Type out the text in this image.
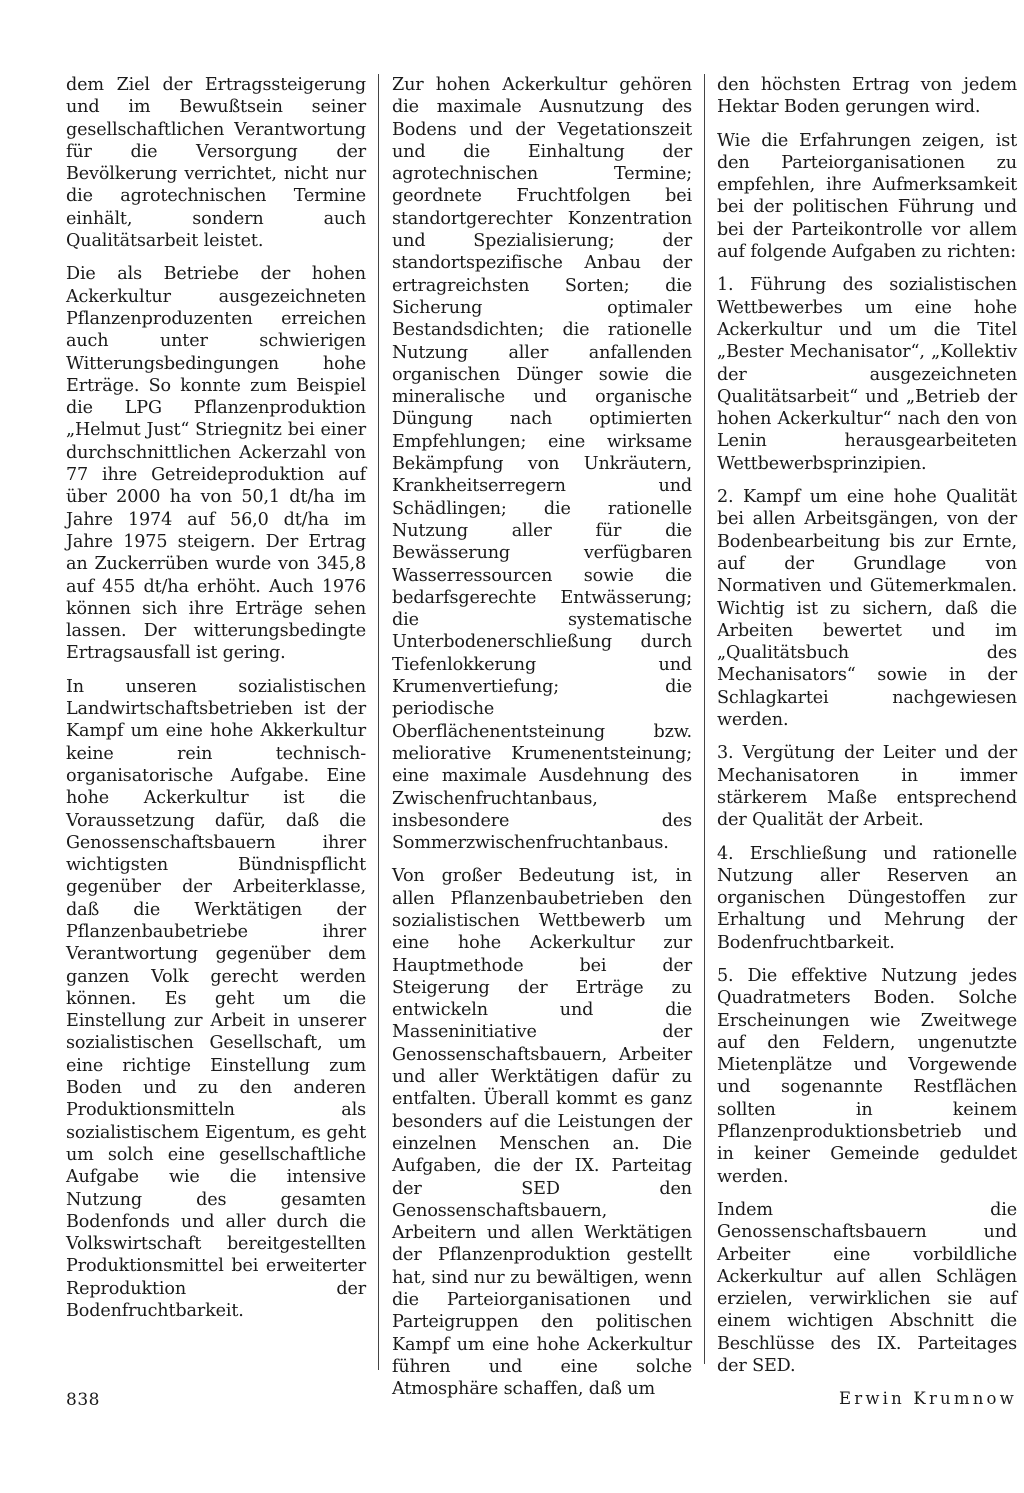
dem Ziel der Ertragssteigerung und im Bewußtsein seiner gesellschaftlichen Verantwortung für die Versorgung der Bevölkerung verrichtet, nicht nur die agrotechnischen Termine einhält, sondern auch Qualitätsarbeit leistet.

Die als Betriebe der hohen Ackerkultur ausgezeichneten Pflanzenproduzenten erreichen auch unter schwierigen Witterungsbedingungen hohe Erträge. So konnte zum Beispiel die LPG Pflanzenproduktion „Helmut Just“ Striegnitz bei einer durchschnittlichen Ackerzahl von 77 ihre Getreideproduktion auf über 2000 ha von 50,1 dt/ha im Jahre 1974 auf 56,0 dt/ha im Jahre 1975 steigern. Der Ertrag an Zuckerrüben wurde von 345,8 auf 455 dt/ha erhöht. Auch 1976 können sich ihre Erträge sehen lassen. Der witterungsbedingte Ertragsausfall ist gering.

In unseren sozialistischen Landwirtschaftsbetrieben ist der Kampf um eine hohe Akkerkultur keine rein technisch-organisatorische Aufgabe. Eine hohe Ackerkultur ist die Voraussetzung dafür, daß die Genossenschaftsbauern ihrer wichtigsten Bündnispflicht gegenüber der Arbeiterklasse, daß die Werktätigen der Pflanzenbaubetriebe ihrer Verantwortung gegenüber dem ganzen Volk gerecht werden können. Es geht um die Einstellung zur Arbeit in unserer sozialistischen Gesellschaft, um eine richtige Einstellung zum Boden und zu den anderen Produktionsmitteln als sozialistischem Eigentum, es geht um solch eine gesellschaftliche Aufgabe wie die intensive Nutzung des gesamten Bodenfonds und aller durch die Volkswirtschaft bereitgestellten Produktionsmittel bei erweiterter Reproduktion der Bodenfruchtbarkeit.

Zur hohen Ackerkultur gehören die maximale Ausnutzung des Bodens und der Vegetationszeit und die Einhaltung der agrotechnischen Termine; geordnete Fruchtfolgen bei standortgerechter Konzentration und Spezialisierung; der standortspezifische Anbau der ertragreichsten Sorten; die Sicherung optimaler Bestandsdichten; die rationelle Nutzung aller anfallenden organischen Dünger sowie die mineralische und organische Düngung nach optimierten Empfehlungen; eine wirksame Bekämpfung von Unkräutern, Krankheitserregern und Schädlingen; die rationelle Nutzung aller für die Bewässerung verfügbaren Wasserressourcen sowie die bedarfsgerechte Entwässerung; die systematische Unterbodenerschließung durch Tiefenlokkerung und Krumenvertiefung; die periodische Oberflächenentsteinung bzw. meliorative Krumenentsteinung; eine maximale Ausdehnung des Zwischenfruchtanbaus, insbesondere des Sommerzwischenfruchtanbaus.

Von großer Bedeutung ist, in allen Pflanzenbaubetrieben den sozialistischen Wettbewerb um eine hohe Ackerkultur zur Hauptmethode bei der Steigerung der Erträge zu entwickeln und die Masseninitiative der Genossenschaftsbauern, Arbeiter und aller Werktätigen dafür zu entfalten. Überall kommt es ganz besonders auf die Leistungen der einzelnen Menschen an. Die Aufgaben, die der IX. Parteitag der SED den Genossenschaftsbauern, Arbeitern und allen Werktätigen der Pflanzenproduktion gestellt hat, sind nur zu bewältigen, wenn die Parteiorganisationen und Parteigruppen den politischen Kampf um eine hohe Ackerkultur führen und eine solche Atmosphäre schaffen, daß um

den höchsten Ertrag von jedem Hektar Boden gerungen wird.

Wie die Erfahrungen zeigen, ist den Parteiorganisationen zu empfehlen, ihre Aufmerksamkeit bei der politischen Führung und bei der Parteikontrolle vor allem auf folgende Aufgaben zu richten:

1. Führung des sozialistischen Wettbewerbes um eine hohe Ackerkultur und um die Titel „Bester Mechanisator“, „Kollektiv der ausgezeichneten Qualitätsarbeit“ und „Betrieb der hohen Ackerkultur“ nach den von Lenin herausgearbeiteten Wettbewerbsprinzipien.

2. Kampf um eine hohe Qualität bei allen Arbeitsgängen, von der Bodenbearbeitung bis zur Ernte, auf der Grundlage von Normativen und Gütemerkmalen. Wichtig ist zu sichern, daß die Arbeiten bewertet und im „Qualitätsbuch des Mechanisators“ sowie in der Schlagkartei nachgewiesen werden.

3. Vergütung der Leiter und der Mechanisatoren in immer stärkerem Maße entsprechend der Qualität der Arbeit.

4. Erschließung und rationelle Nutzung aller Reserven an organischen Düngestoffen zur Erhaltung und Mehrung der Bodenfruchtbarkeit.

5. Die effektive Nutzung jedes Quadratmeters Boden. Solche Erscheinungen wie Zweitwege auf den Feldern, ungenutzte Mietenplätze und Vorgewende und sogenannte Restflächen sollten in keinem Pflanzenproduktionsbetrieb und in keiner Gemeinde geduldet werden.

Indem die Genossenschaftsbauern und Arbeiter eine vorbildliche Ackerkultur auf allen Schlägen erzielen, verwirklichen sie auf einem wichtigen Abschnitt die Beschlüsse des IX. Parteitages der SED.

Erwin Krumnow
838
